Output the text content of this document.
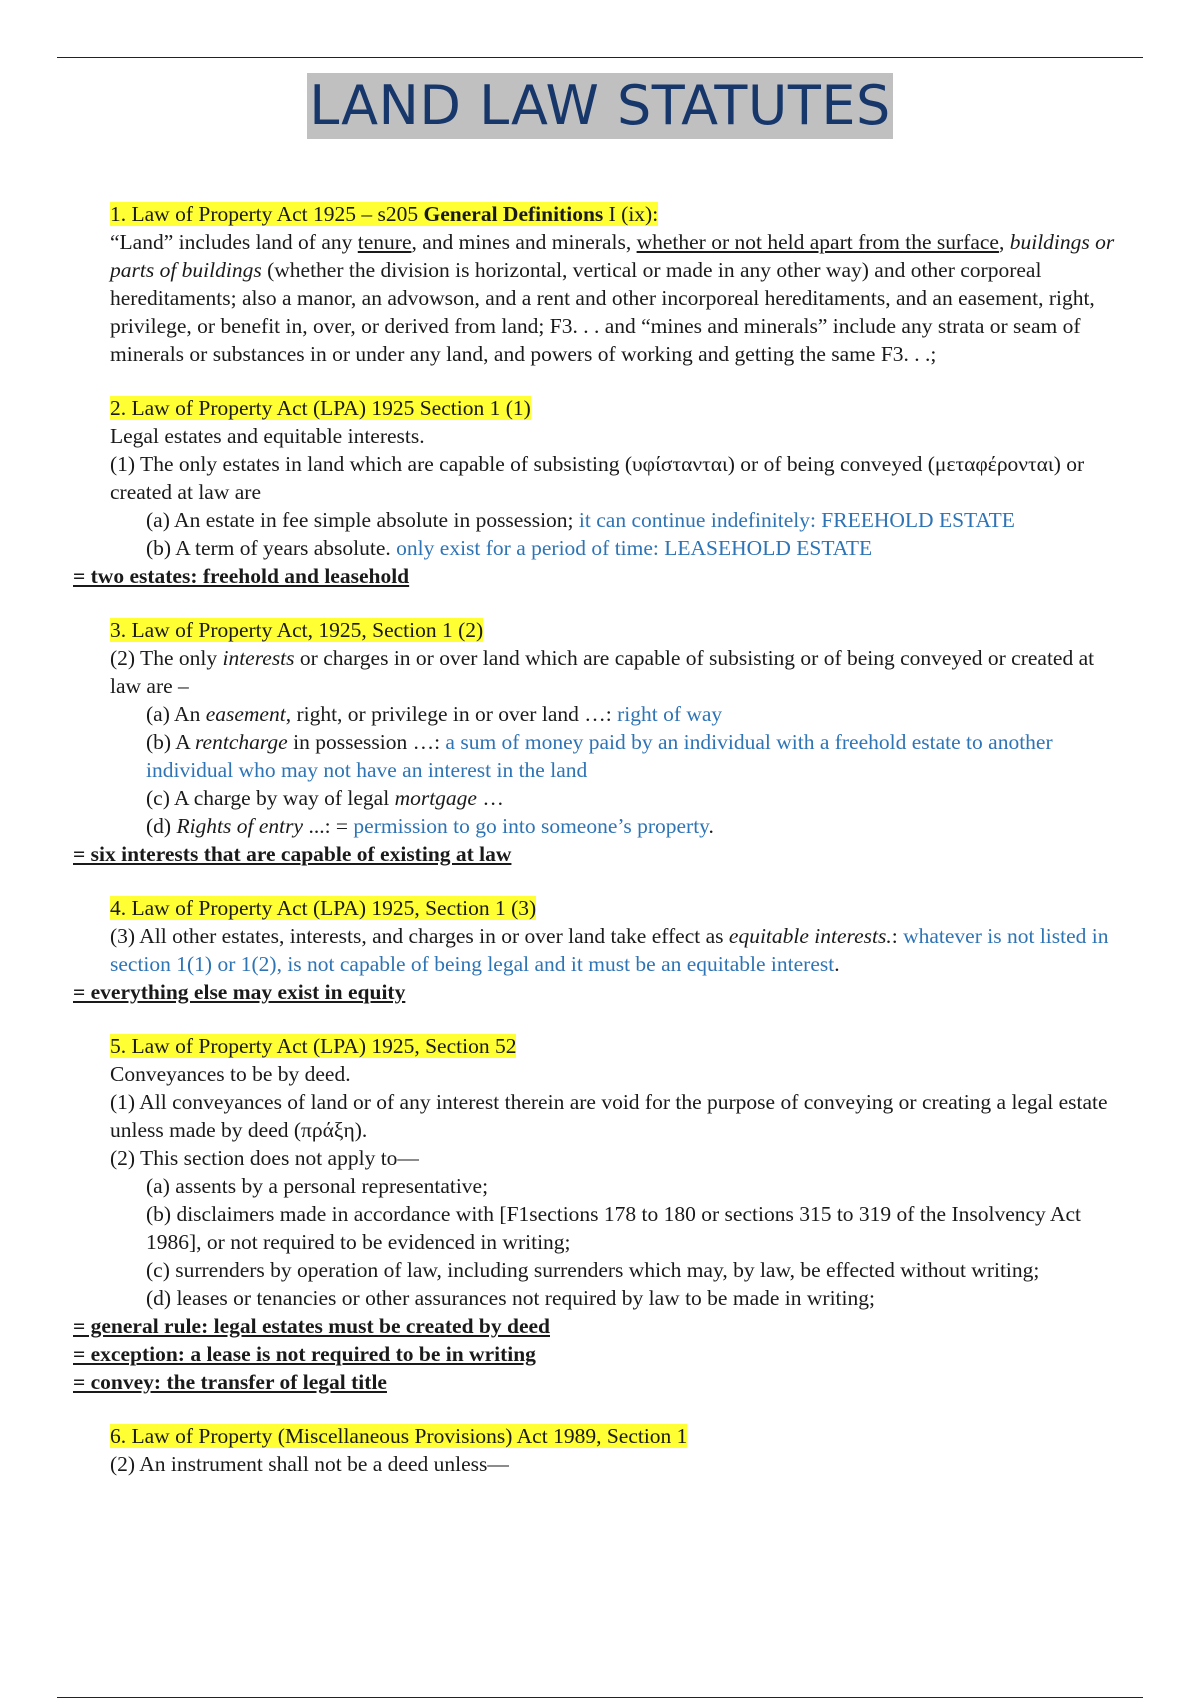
LAND LAW STATUTES
1. Law of Property Act 1925 – s205 General Definitions I (ix):
“Land” includes land of any tenure, and mines and minerals, whether or not held apart from the surface, buildings or parts of buildings (whether the division is horizontal, vertical or made in any other way) and other corporeal hereditaments; also a manor, an advowson, and a rent and other incorporeal hereditaments, and an easement, right, privilege, or benefit in, over, or derived from land; F3. . . and “mines and minerals” include any strata or seam of minerals or substances in or under any land, and powers of working and getting the same F3. . .;
2. Law of Property Act (LPA) 1925 Section 1 (1)
Legal estates and equitable interests.
(1) The only estates in land which are capable of subsisting (υφίστανται) or of being conveyed (μεταφέρονται) or created at law are
(a) An estate in fee simple absolute in possession; it can continue indefinitely: FREEHOLD ESTATE
(b) A term of years absolute. only exist for a period of time: LEASEHOLD ESTATE
= two estates: freehold and leasehold
3. Law of Property Act, 1925, Section 1 (2)
(2) The only interests or charges in or over land which are capable of subsisting or of being conveyed or created at law are –
(a) An easement, right, or privilege in or over land …: right of way
(b) A rentcharge in possession …: a sum of money paid by an individual with a freehold estate to another individual who may not have an interest in the land
(c) A charge by way of legal mortgage …
(d) Rights of entry ...: = permission to go into someone’s property.
= six interests that are capable of existing at law
4. Law of Property Act (LPA) 1925, Section 1 (3)
(3) All other estates, interests, and charges in or over land take effect as equitable interests.: whatever is not listed in section 1(1) or 1(2), is not capable of being legal and it must be an equitable interest.
= everything else may exist in equity
5. Law of Property Act (LPA) 1925, Section 52
Conveyances to be by deed.
(1) All conveyances of land or of any interest therein are void for the purpose of conveying or creating a legal estate unless made by deed (πράξη).
(2) This section does not apply to—
(a) assents by a personal representative;
(b) disclaimers made in accordance with [F1sections 178 to 180 or sections 315 to 319 of the Insolvency Act 1986], or not required to be evidenced in writing;
(c) surrenders by operation of law, including surrenders which may, by law, be effected without writing;
(d) leases or tenancies or other assurances not required by law to be made in writing;
= general rule: legal estates must be created by deed
= exception: a lease is not required to be in writing
= convey: the transfer of legal title
6. Law of Property (Miscellaneous Provisions) Act 1989, Section 1
(2) An instrument shall not be a deed unless—
